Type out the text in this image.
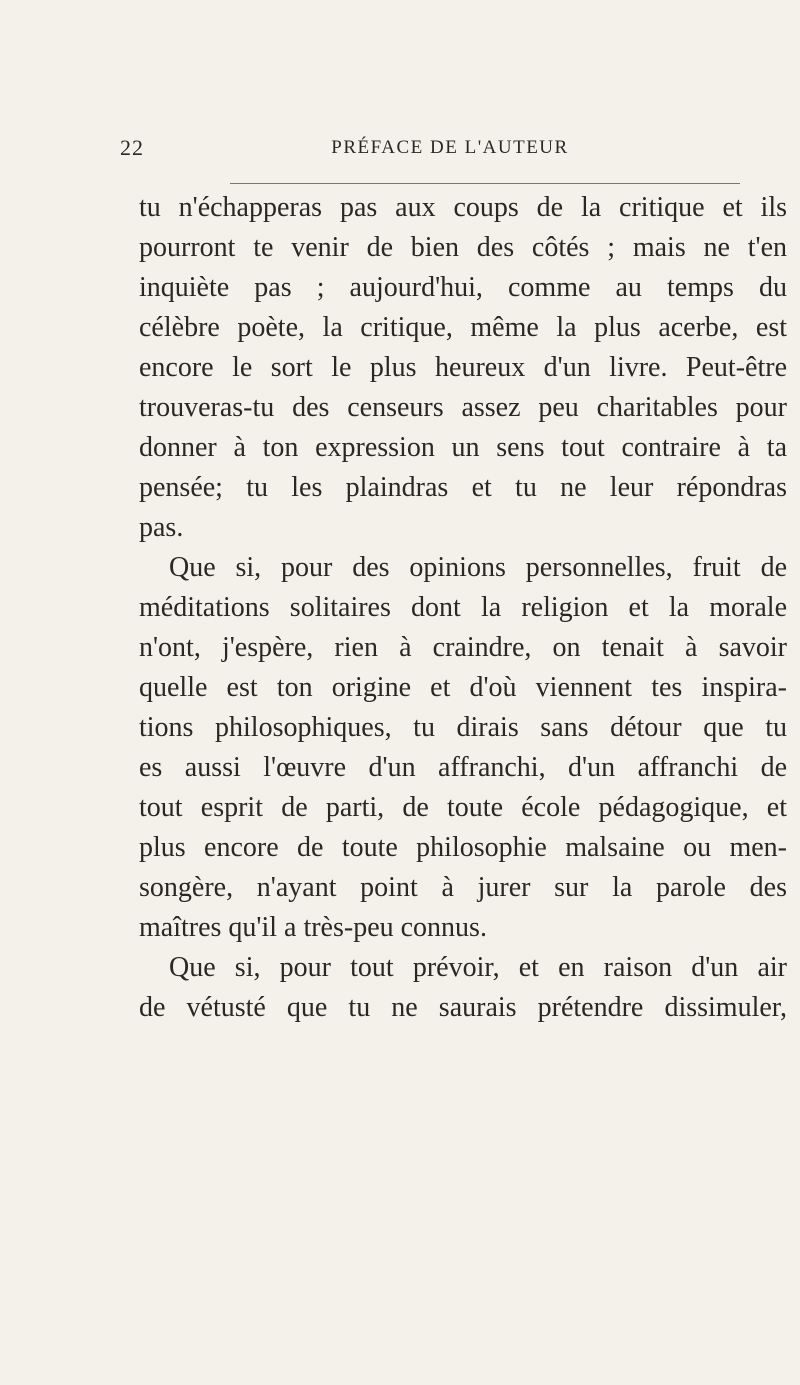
22	PRÉFACE DE L'AUTEUR
tu n'échapperas pas aux coups de la critique et ils
pourront te venir de bien des côtés ; mais ne t'en
inquiète pas ; aujourd'hui, comme au temps du
célèbre poète, la critique, même la plus acerbe, est
encore le sort le plus heureux d'un livre. Peut-être
trouveras-tu des censeurs assez peu charitables pour
donner à ton expression un sens tout contraire à ta
pensée; tu les plaindras et tu ne leur répondras
pas.
Que si, pour des opinions personnelles, fruit de
méditations solitaires dont la religion et la morale
n'ont, j'espère, rien à craindre, on tenait à savoir
quelle est ton origine et d'où viennent tes inspira-
tions philosophiques, tu dirais sans détour que tu
es aussi l'œuvre d'un affranchi, d'un affranchi de
tout esprit de parti, de toute école pédagogique, et
plus encore de toute philosophie malsaine ou men-
songère, n'ayant point à jurer sur la parole des
maîtres qu'il a très-peu connus.
Que si, pour tout prévoir, et en raison d'un air
de vétusté que tu ne saurais prétendre dissimuler,
